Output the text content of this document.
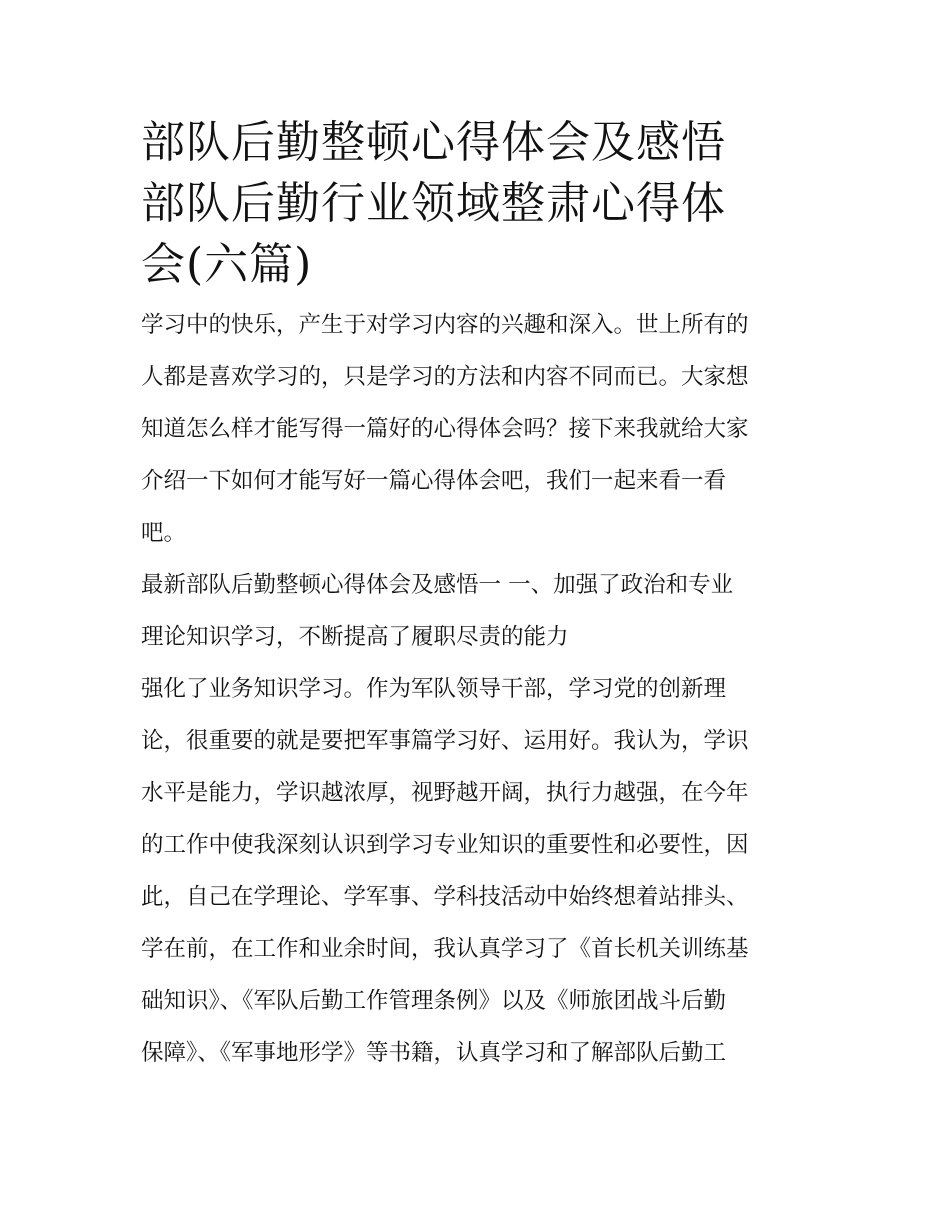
部队后勤整顿心得体会及感悟
部队后勤行业领域整肃心得体
会(六篇)
学习中的快乐，产生于对学习内容的兴趣和深入。世上所有的
人都是喜欢学习的，只是学习的方法和内容不同而已。大家想
知道怎么样才能写得一篇好的心得体会吗？接下来我就给大家
介绍一下如何才能写好一篇心得体会吧，我们一起来看一看
吧。
最新部队后勤整顿心得体会及感悟一 一、加强了政治和专业
理论知识学习，不断提高了履职尽责的能力
强化了业务知识学习。作为军队领导干部，学习党的创新理
论，很重要的就是要把军事篇学习好、运用好。我认为，学识
水平是能力，学识越浓厚，视野越开阔，执行力越强，在今年
的工作中使我深刻认识到学习专业知识的重要性和必要性，因
此，自己在学理论、学军事、学科技活动中始终想着站排头、
学在前，在工作和业余时间，我认真学习了《首长机关训练基
础知识》、《军队后勤工作管理条例》以及《师旅团战斗后勤
保障》、《军事地形学》等书籍，认真学习和了解部队后勤工
